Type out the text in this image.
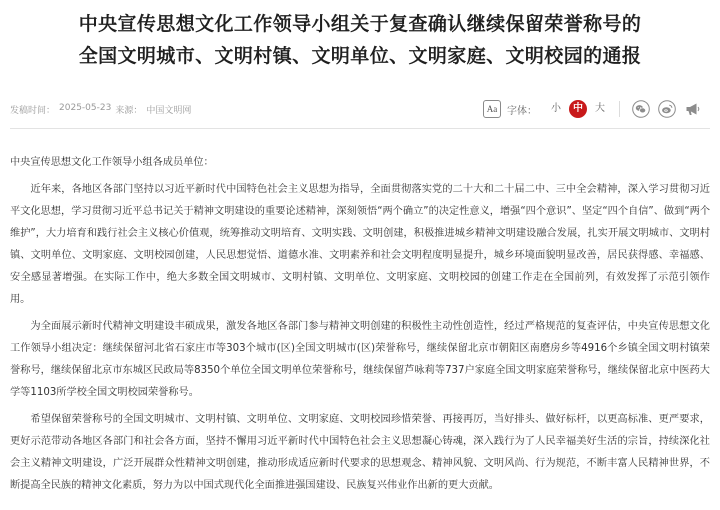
中央宣传思想文化工作领导小组关于复查确认继续保留荣誉称号的
全国文明城市、文明村镇、文明单位、文明家庭、文明校园的通报
发稿时间： 2025-05-23 来源： 中国文明网	Aa 字体：	小	中	大

中央宣传思想文化工作领导小组各成员单位：

近年来，各地区各部门坚持以习近平新时代中国特色社会主义思想为指导，全面贯彻落实党的二十大和二十届二中、三中全会精神，深入学习贯彻习近平文化思想，学习贯彻习近平总书记关于精神文明建设的重要论述精神，深刻领悟“两个确立”的决定性意义，增强“四个意识”、坚定“四个自信”、做到“两个维护”，大力培育和践行社会主义核心价值观，统筹推动文明培育、文明实践、文明创建，积极推进城乡精神文明建设融合发展，扎实开展文明城市、文明村镇、文明单位、文明家庭、文明校园创建，人民思想觉悟、道德水准、文明素养和社会文明程度明显提升，城乡环境面貌明显改善，居民获得感、幸福感、安全感显著增强。在实际工作中，绝大多数全国文明城市、文明村镇、文明单位、文明家庭、文明校园的创建工作走在全国前列，有效发挥了示范引领作用。

为全面展示新时代精神文明建设丰硕成果，激发各地区各部门参与精神文明创建的积极性主动性创造性，经过严格规范的复查评估，中央宣传思想文化工作领导小组决定：继续保留河北省石家庄市等303个城市(区)全国文明城市(区)荣誉称号，继续保留北京市朝阳区南磨房乡等4916个乡镇全国文明村镇荣誉称号，继续保留北京市东城区民政局等8350个单位全国文明单位荣誉称号，继续保留芦咏莉等737户家庭全国文明家庭荣誉称号，继续保留北京中医药大学等1103所学校全国文明校园荣誉称号。

希望保留荣誉称号的全国文明城市、文明村镇、文明单位、文明家庭、文明校园珍惜荣誉、再接再厉，当好排头、做好标杆，以更高标准、更严要求，更好示范带动各地区各部门和社会各方面，坚持不懈用习近平新时代中国特色社会主义思想凝心铸魂，深入践行为了人民幸福美好生活的宗旨，持续深化社会主义精神文明建设，广泛开展群众性精神文明创建，推动形成适应新时代要求的思想观念、精神风貌、文明风尚、行为规范，不断丰富人民精神世界，不断提高全民族的精神文化素质，努力为以中国式现代化全面推进强国建设、民族复兴伟业作出新的更大贡献。
